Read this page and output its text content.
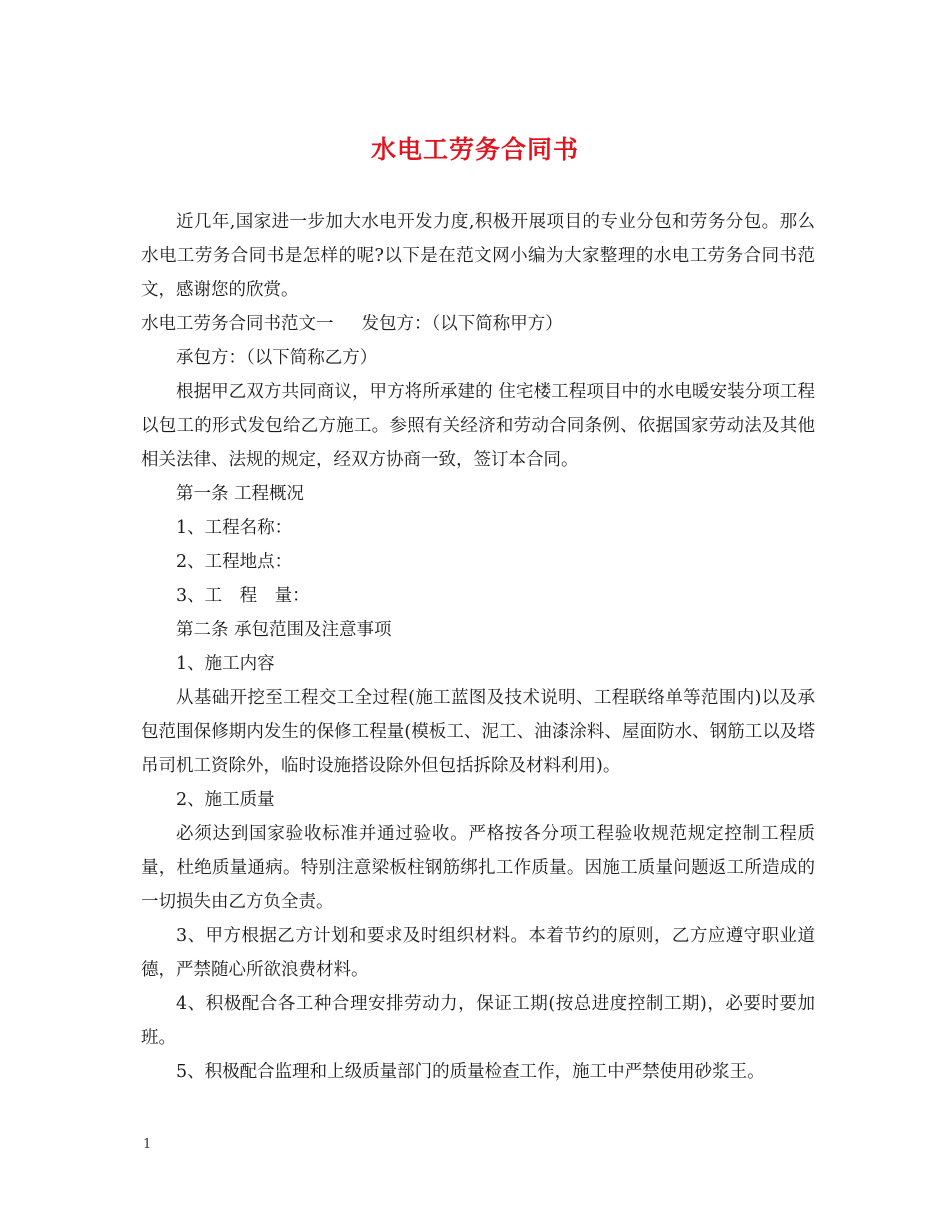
水电工劳务合同书

近几年,国家进一步加大水电开发力度,积极开展项目的专业分包和劳务分包。那么水电工劳务合同书是怎样的呢?以下是在范文网小编为大家整理的水电工劳务合同书范文，感谢您的欣赏。

水电工劳务合同书范文一 发包方：（以下简称甲方）

承包方：（以下简称乙方）

根据甲乙双方共同商议，甲方将所承建的 住宅楼工程项目中的水电暖安装分项工程以包工的形式发包给乙方施工。参照有关经济和劳动合同条例、依据国家劳动法及其他相关法律、法规的规定，经双方协商一致，签订本合同。

第一条 工程概况

1、工程名称：

2、工程地点：

3、工　程　量：

第二条 承包范围及注意事项

1、施工内容

从基础开挖至工程交工全过程(施工蓝图及技术说明、工程联络单等范围内)以及承包范围保修期内发生的保修工程量(模板工、泥工、油漆涂料、屋面防水、钢筋工以及塔吊司机工资除外，临时设施搭设除外但包括拆除及材料利用)。

2、施工质量

必须达到国家验收标准并通过验收。严格按各分项工程验收规范规定控制工程质量，杜绝质量通病。特别注意梁板柱钢筋绑扎工作质量。因施工质量问题返工所造成的一切损失由乙方负全责。

3、甲方根据乙方计划和要求及时组织材料。本着节约的原则，乙方应遵守职业道德，严禁随心所欲浪费材料。

4、积极配合各工种合理安排劳动力，保证工期(按总进度控制工期)，必要时要加班。

5、积极配合监理和上级质量部门的质量检查工作，施工中严禁使用砂浆王。

1
